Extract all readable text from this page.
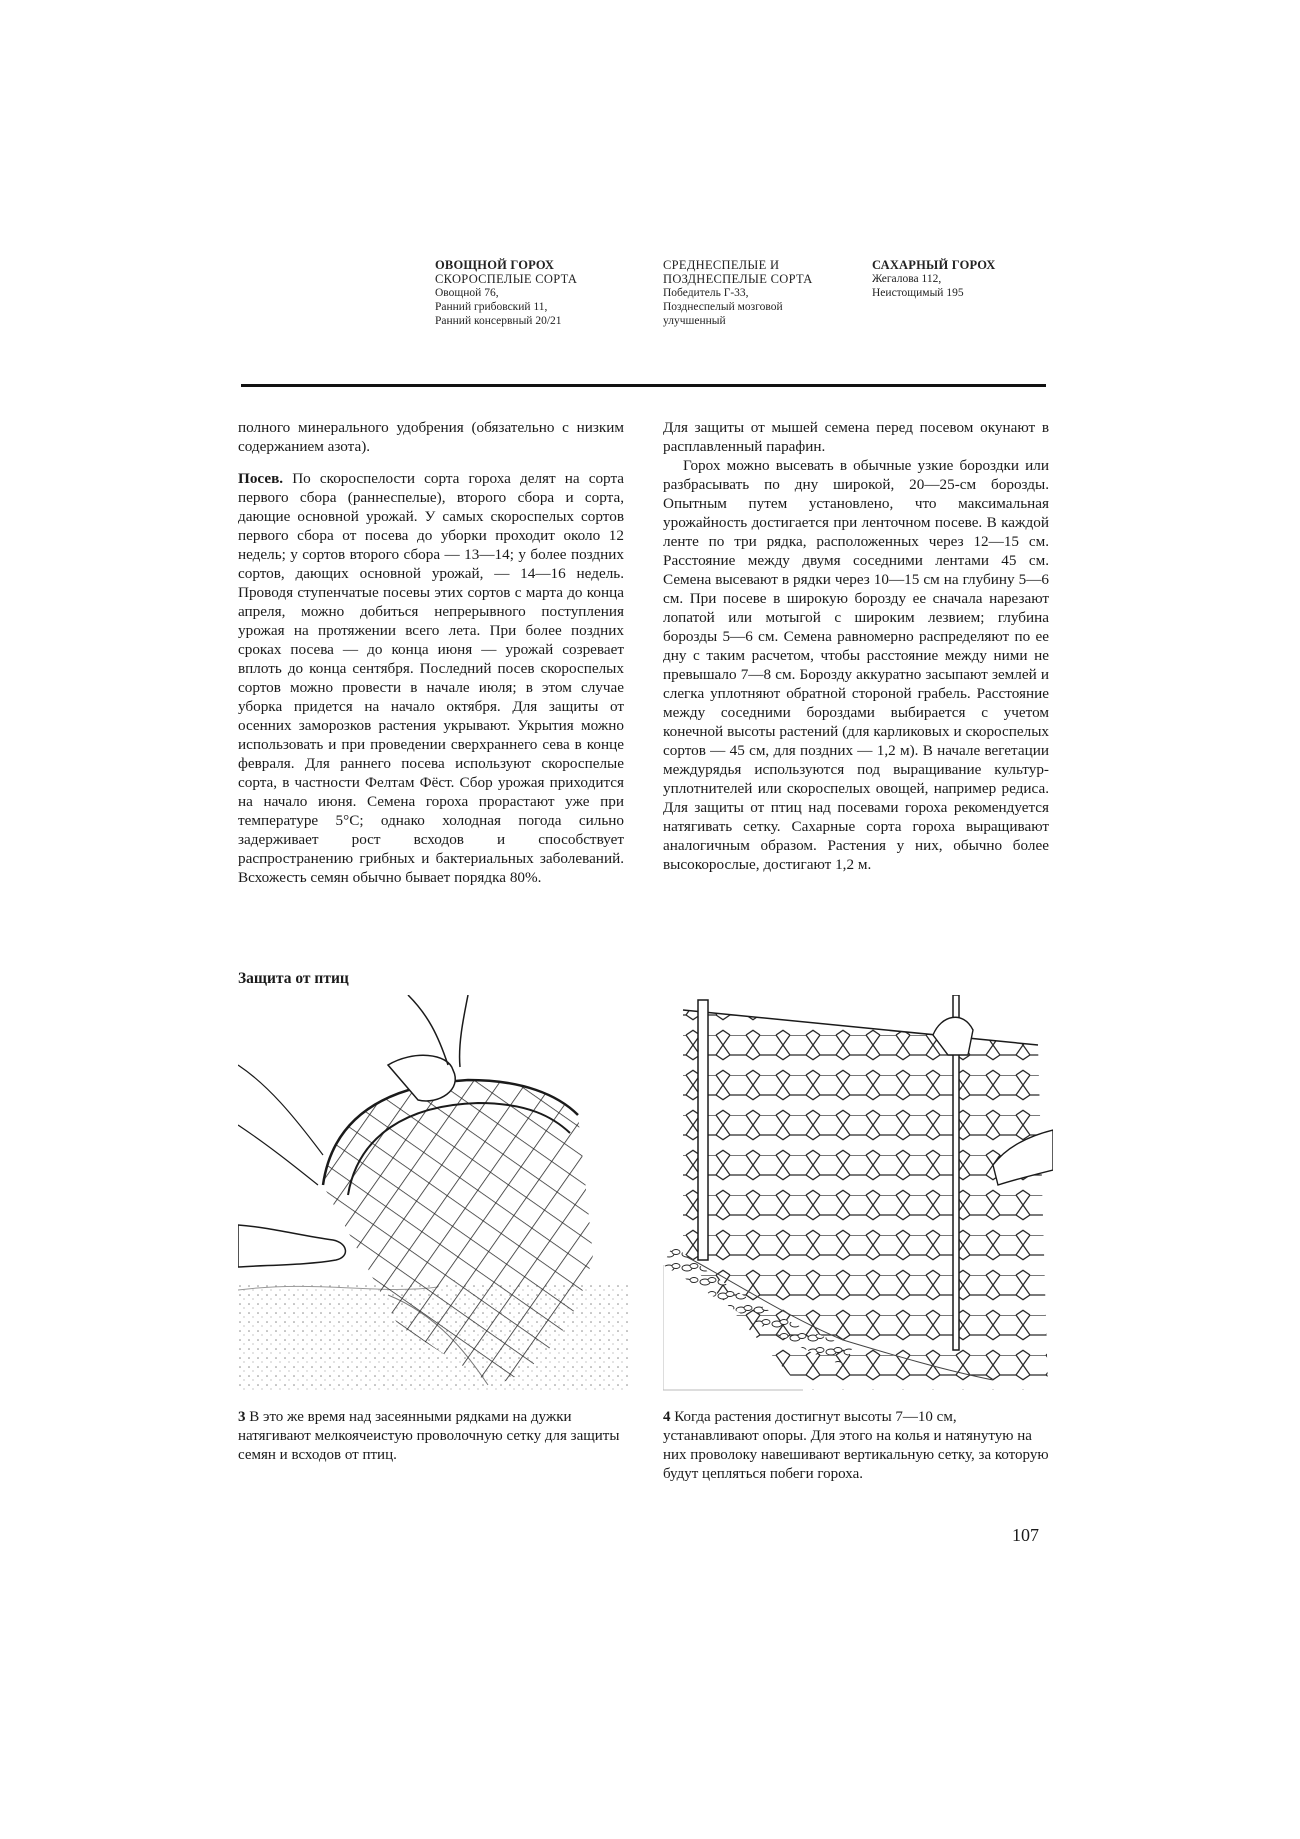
ОВОЩНОЙ ГОРОХ
СКОРОСПЕЛЫЕ СОРТА
Овощной 76,
Ранний грибовский 11,
Ранний консервный 20/21
СРЕДНЕСПЕЛЫЕ И
ПОЗДНЕСПЕЛЫЕ СОРТА
Победитель Г-33,
Позднеспелый мозговой
улучшенный
САХАРНЫЙ ГОРОХ
Жегалова 112,
Неистощимый 195

полного минерального удобрения (обязательно с низким содержанием азота).

Посев. По скороспелости сорта гороха делят на сорта первого сбора (раннеспелые), второго сбора и сорта, дающие основной урожай. У самых скороспелых сортов первого сбора от посева до уборки проходит около 12 недель; у сортов второго сбора — 13—14; у более поздних сортов, дающих основной урожай, — 14—16 недель. Проводя ступенчатые посевы этих сортов с марта до конца апреля, можно добиться непрерывного поступления урожая на протяжении всего лета. При более поздних сроках посева — до конца июня — урожай созревает вплоть до конца сентября. Последний посев скороспелых сортов можно провести в начале июля; в этом случае уборка придется на начало октября. Для защиты от осенних заморозков растения укрывают. Укрытия можно использовать и при проведении сверхраннего сева в конце февраля. Для раннего посева используют скороспелые сорта, в частности Фелтам Фёст. Сбор урожая приходится на начало июня. Семена гороха прорастают уже при температуре 5°С; однако холодная погода сильно задерживает рост всходов и способствует распространению грибных и бактериальных заболеваний. Всхожесть семян обычно бывает порядка 80%.

Для защиты от мышей семена перед посевом окунают в расплавленный парафин.

Горох можно высевать в обычные узкие бороздки или разбрасывать по дну широкой, 20—25-см борозды. Опытным путем установлено, что максимальная урожайность достигается при ленточном посеве. В каждой ленте по три рядка, расположенных через 12—15 см. Расстояние между двумя соседними лентами 45 см. Семена высевают в рядки через 10—15 см на глубину 5—6 см. При посеве в широкую борозду ее сначала нарезают лопатой или мотыгой с широким лезвием; глубина борозды 5—6 см. Семена равномерно распределяют по ее дну с таким расчетом, чтобы расстояние между ними не превышало 7—8 см. Борозду аккуратно засыпают землей и слегка уплотняют обратной стороной грабель. Расстояние между соседними бороздами выбирается с учетом конечной высоты растений (для карликовых и скороспелых сортов — 45 см, для поздних — 1,2 м). В начале вегетации междурядья используются под выращивание культур-уплотнителей или скороспелых овощей, например редиса. Для защиты от птиц над посевами гороха рекомендуется натягивать сетку. Сахарные сорта гороха выращивают аналогичным образом. Растения у них, обычно более высокорослые, достигают 1,2 м.

Защита от птиц
3 В это же время над засеянными рядками на дужки натягивают мелкоячеистую проволочную сетку для защиты семян и всходов от птиц.
4 Когда растения достигнут высоты 7—10 см, устанавливают опоры. Для этого на колья и натянутую на них проволоку навешивают вертикальную сетку, за которую будут цепляться побеги гороха.
107
